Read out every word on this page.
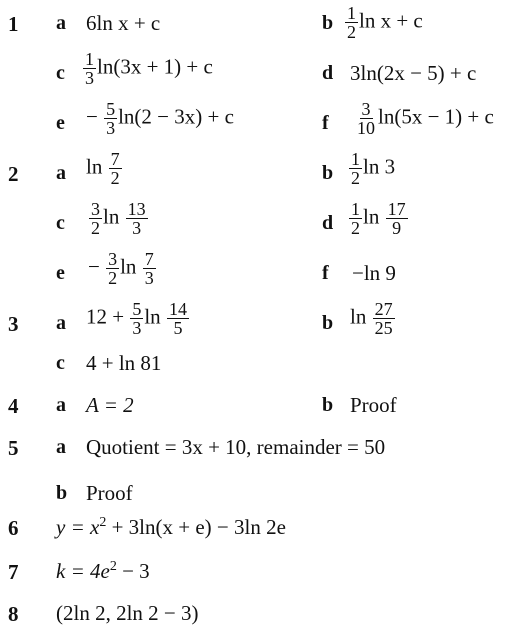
1 a 6ln x + c	b $\frac{1}{2}$ ln x + c
c $\frac{1}{3} \ln(3x + 1) + c$	d 3ln(2x − 5) + c
$e - \frac{5}{3} \ln(2 - 3x) + c$	f $\frac{3}{10} \ln(5x - 1) + c$
2 a $\ln \frac{7}{2}$	b $\frac{1}{2}$ ln 3
c $\frac{3}{2}$ $\ln \frac{13}{3}$	d $\frac{1}{2}$ $\ln \frac{17}{9}$
$e - \frac{3}{2}$ $\ln \frac{7}{3}$	f −ln 9
3 a $12 + \frac{5}{3}$ $\ln \frac{14}{5}$	b $\ln \frac{27}{25}$
c 4 + ln 81
4 a A = 2	b Proof
5 a Quotient = 3x + 10, remainder = 50
b Proof
6 $y = x^2 + 3\ln(x + e) - 3\ln$ 2e
7 $k = 4e^2 - 3$
8 (2ln 2, 2ln 2 − 3)
